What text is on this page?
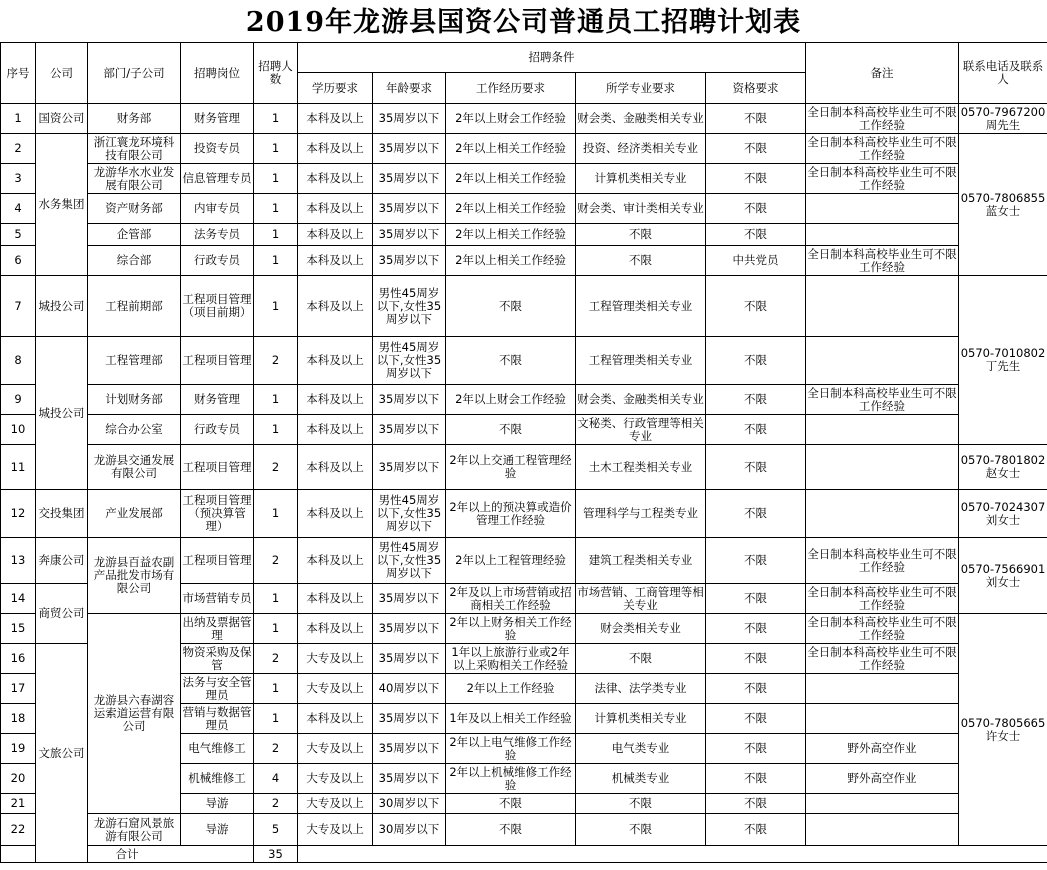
2019年龙游县国资公司普通员工招聘计划表
序号	公司	部门/子公司	招聘岗位	招聘人数	招聘条件					备注	联系电话及联系人
					学历要求	年龄要求	工作经历要求	所学专业要求	资格要求		
1	国资公司	财务部	财务管理	1	本科及以上	35周岁以下	2年以上财会工作经验	财会类、金融类相关专业	不限	全日制本科高校毕业生可不限工作经验	0570-7967200 周先生
2	水务集团	浙江寰龙环境科技有限公司	投资专员	1	本科及以上	35周岁以下	2年以上相关工作经验	投资、经济类相关专业	不限	全日制本科高校毕业生可不限工作经验	0570-7806855 蓝女士
3		龙游华水水业发展有限公司	信息管理专员	1	本科及以上	35周岁以下	2年以上相关工作经验	计算机类相关专业	不限	全日制本科高校毕业生可不限工作经验	
4		资产财务部	内审专员	1	本科及以上	35周岁以下	2年以上相关工作经验	财会类、审计类相关专业	不限		
5		企管部	法务专员	1	本科及以上	35周岁以下	2年以上相关工作经验	不限	不限		
6		综合部	行政专员	1	本科及以上	35周岁以下	2年以上相关工作经验	不限	中共党员	全日制本科高校毕业生可不限工作经验	
7	城投公司	工程前期部	工程项目管理（项目前期）	1	本科及以上	男性45周岁以下,女性35周岁以下	不限	工程管理类相关专业	不限		0570-7010802 丁先生
8	城投公司	工程管理部	工程项目管理	2	本科及以上	男性45周岁以下,女性35周岁以下	不限	工程管理类相关专业	不限		
9		计划财务部	财务管理	1	本科及以上	35周岁以下	2年以上财会工作经验	财会类、金融类相关专业	不限	全日制本科高校毕业生可不限工作经验	
10		综合办公室	行政专员	1	本科及以上	35周岁以下	不限	文秘类、行政管理等相关专业	不限		
11		龙游县交通发展有限公司	工程项目管理	2	本科及以上	35周岁以下	2年以上交通工程管理经验	土木工程类相关专业	不限		0570-7801802 赵女士
12	交投集团	产业发展部	工程项目管理（预决算管理）	1	本科及以上	男性45周岁以下,女性35周岁以下	2年以上的预决算或造价管理工作经验	管理科学与工程类专业	不限		0570-7024307 刘女士
13	奔康公司	龙游县百益农副产品批发市场有限公司	工程项目管理	2	本科及以上	男性45周岁以下,女性35周岁以下	2年以上工程管理经验	建筑工程类相关专业	不限	全日制本科高校毕业生可不限工作经验	0570-7566901 刘女士
14	商贸公司		市场营销专员	1	本科及以上	35周岁以下	2年及以上市场营销或招商相关工作经验	市场营销、工商管理等相关专业	不限	全日制本科高校毕业生可不限工作经验	
15		龙游县六春湖容运索道运营有限公司	出纳及票据管理	1	本科及以上	35周岁以下	2年以上财务相关工作经验	财会类相关专业	不限	全日制本科高校毕业生可不限工作经验	0570-7805665 许女士
16	文旅公司		物资采购及保管	2	大专及以上	35周岁以下	1年以上旅游行业或2年以上采购相关工作经验	不限	不限	全日制本科高校毕业生可不限工作经验	
17			法务与安全管理员	1	大专及以上	40周岁以下	2年以上工作经验	法律、法学类专业	不限		
18			营销与数据管理员	1	本科及以上	35周岁以下	1年及以上相关工作经验	计算机类相关专业	不限		
19			电气维修工	2	大专及以上	35周岁以下	2年以上电气维修工作经验	电气类专业	不限	野外高空作业	
20			机械维修工	4	大专及以上	35周岁以下	2年以上机械维修工作经验	机械类专业	不限	野外高空作业	
21			导游	2	大专及以上	30周岁以下	不限	不限	不限		
22		龙游石窟风景旅游有限公司	导游	5	大专及以上	30周岁以下	不限	不限	不限		
合计				35							
